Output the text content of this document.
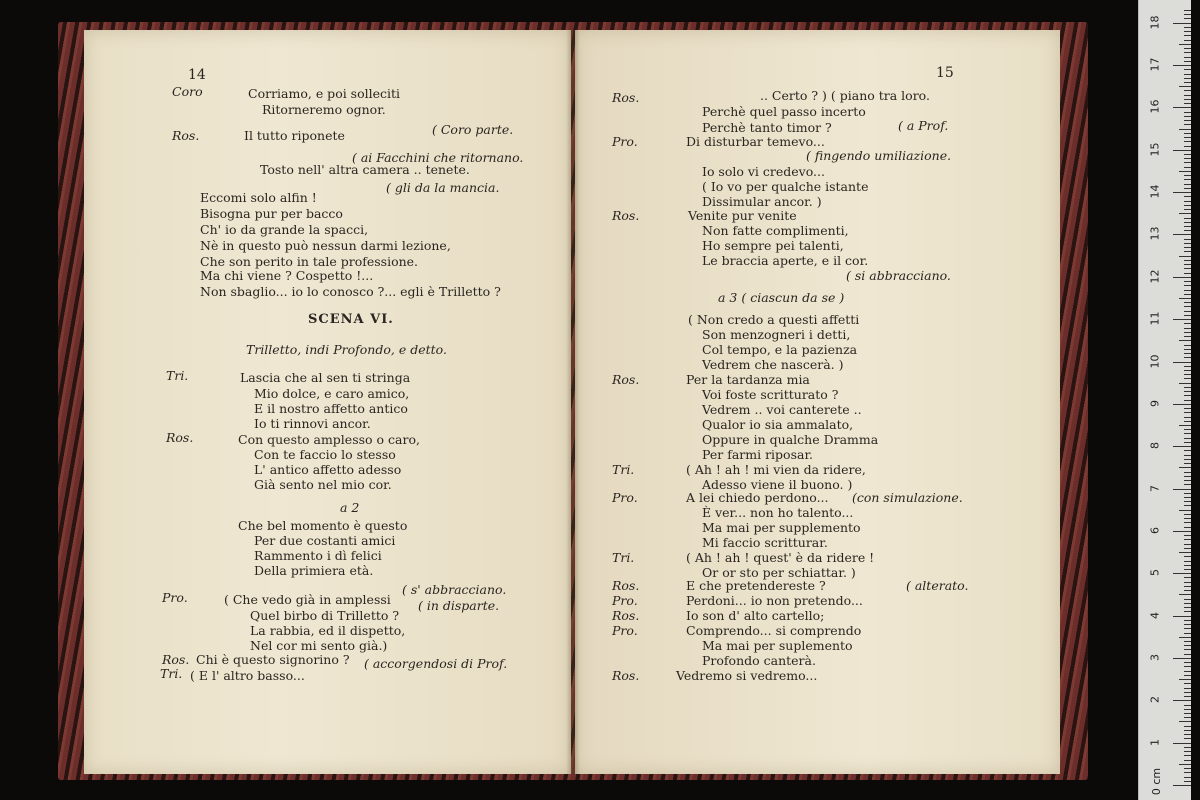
14
Coro	Corriamo, e poi solleciti
Ritorneremo ognor.
( Coro parte.
Ros.	Il tutto riponete
( ai Facchini che ritornano.
Tosto nell' altra camera .. tenete.
( gli da la mancia.
Eccomi solo alfin !
Bisogna pur per bacco
Ch' io da grande la spacci,
Nè in questo può nessun darmi lezione,
Che son perito in tale professione.
Ma chi viene ? Cospetto !...
Non sbaglio... io lo conosco ?... egli è Trilletto ?
SCENA VI.
Trilletto, indi Profondo, e detto.
Tri.	Lascia che al sen ti stringa
Mio dolce, e caro amico,
E il nostro affetto antico
Io ti rinnovi ancor.
Ros.	Con questo amplesso o caro,
Con te faccio lo stesso
L' antico affetto adesso
Già sento nel mio cor.
a 2
Che bel momento è questo
Per due costanti amici
Rammento i dì felici
Della primiera età.
( s' abbracciano.
Pro.	( Che vedo già in amplessi ( in disparte.
Quel birbo di Trilletto ?
La rabbia, ed il dispetto,
Nel cor mi sento già.)
Ros. Chi è questo signorino ? ( accorgendosi di Prof.
Tri. ( E l' altro basso...
15
Ros.	.. Certo ? ) ( piano tra loro.
Perchè quel passo incerto
Perchè tanto timor ?	( a Prof.
Pro.	Di disturbar temevo...
( fingendo umiliazione.
Io solo vi credevo...
( Io vo per qualche istante
Dissimular ancor. )
Ros.	Venite pur venite
Non fatte complimenti,
Ho sempre pei talenti,
Le braccia aperte, e il cor.
( si abbracciano.
a 3 ( ciascun da se )
( Non credo a questi affetti
Son menzogneri i detti,
Col tempo, e la pazienza
Vedrem che nascerà. )
Ros.	Per la tardanza mia
Voi foste scritturato ?
Vedrem .. voi canterete ..
Qualor io sia ammalato,
Oppure in qualche Dramma
Per farmi riposar.
Tri.	( Ah ! ah ! mi vien da ridere,
Adesso viene il buono. )
Pro.	A lei chiedo perdono... (con simulazione.
È ver... non ho talento...
Ma mai per supplemento
Mi faccio scritturar.
Tri.	( Ah ! ah ! quest' è da ridere !
Or or sto per schiattar. )
Ros.	E che pretendereste ?	( alterato.
Pro.	Perdoni... io non pretendo...
Ros.	Io son d' alto cartello;
Pro.	Comprendo... si comprendo
Ma mai per suplemento
Profondo canterà.
Ros.	Vedremo si vedremo...
0 cm
1
2
3
4
5
6
7
8
9
10
11
12
13
14
15
16
17
18
